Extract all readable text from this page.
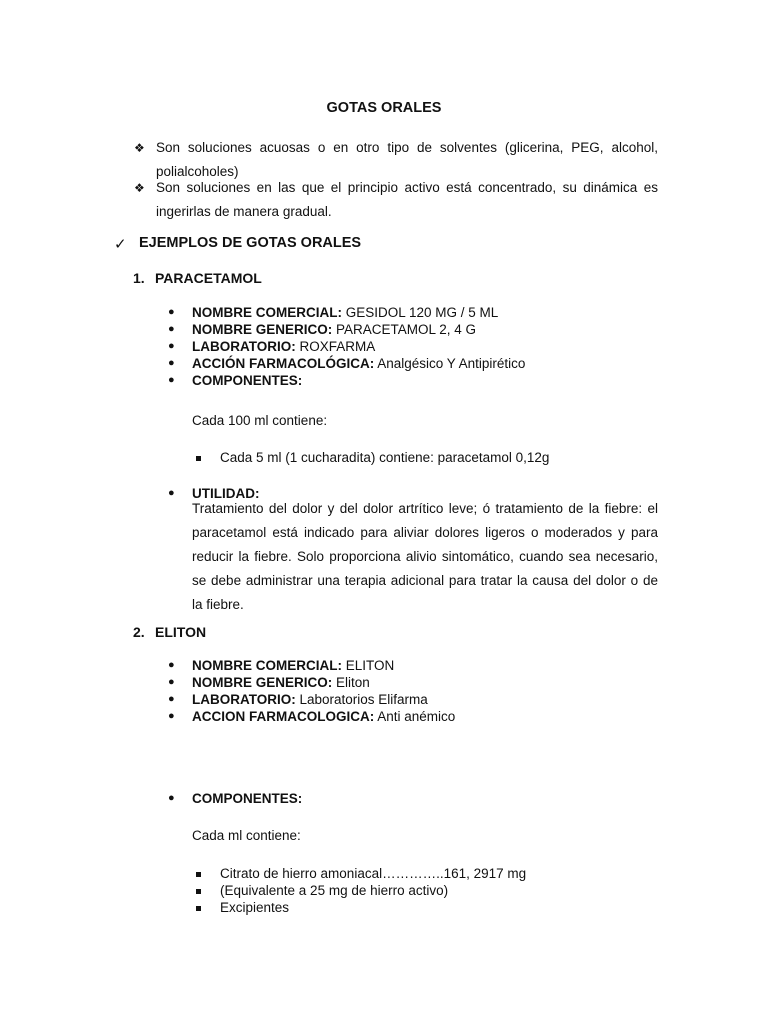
GOTAS ORALES
❖ Son soluciones acuosas o en otro tipo de solventes (glicerina, PEG, alcohol, polialcoholes)
❖ Son soluciones en las que el principio activo está concentrado, su dinámica es ingerirlas de manera gradual.
✓ EJEMPLOS DE GOTAS ORALES
1. PARACETAMOL
● NOMBRE COMERCIAL: GESIDOL 120 MG / 5 ML
● NOMBRE GENERICO: PARACETAMOL 2, 4 G
● LABORATORIO: ROXFARMA
● ACCIÓN FARMACOLÓGICA: Analgésico Y Antipirético
● COMPONENTES:
Cada 100 ml contiene:
Cada 5 ml (1 cucharadita) contiene: paracetamol 0,12g
● UTILIDAD:
Tratamiento del dolor y del dolor artrítico leve; ó tratamiento de la fiebre: el paracetamol está indicado para aliviar dolores ligeros o moderados y para reducir la fiebre. Solo proporciona alivio sintomático, cuando sea necesario, se debe administrar una terapia adicional para tratar la causa del dolor o de la fiebre.
2. ELITON
● NOMBRE COMERCIAL: ELITON
● NOMBRE GENERICO: Eliton
● LABORATORIO: Laboratorios Elifarma
● ACCION FARMACOLOGICA: Anti anémico
● COMPONENTES:
Cada ml contiene:
Citrato de hierro amoniacal…………..161, 2917 mg
(Equivalente a 25 mg de hierro activo)
Excipientes
